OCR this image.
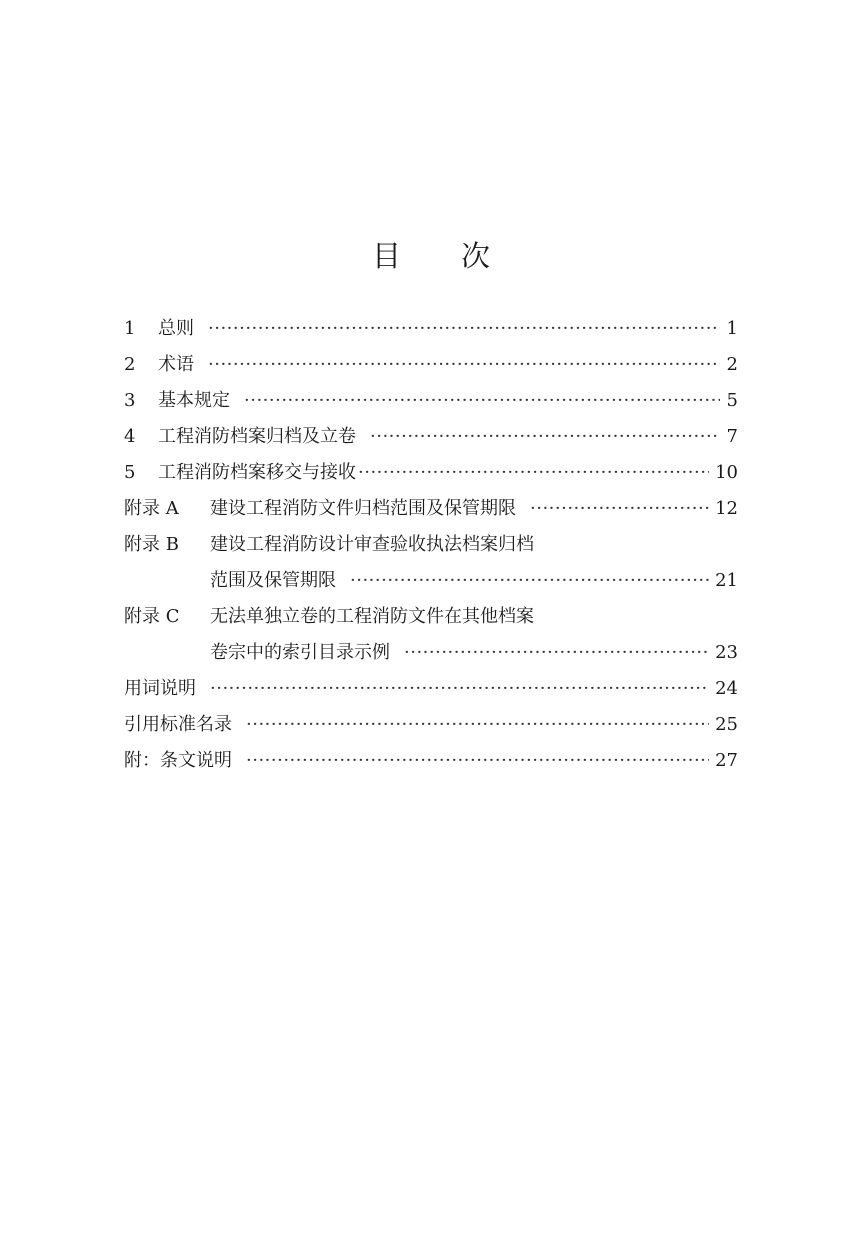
目 次
1	总则 ·····	1
2	术语 ·····	2
3	基本规定 ·····	5
4	工程消防档案归档及立卷 ·····	7
5	工程消防档案移交与接收 ·····	10
附录 A	建设工程消防文件归档范围及保管期限 ·····	12
附录 B	建设工程消防设计审查验收执法档案归档
范围及保管期限 ·····	21
附录 C	无法单独立卷的工程消防文件在其他档案
卷宗中的索引目录示例 ·····	23
用词说明 ·····	24
引用标准名录 ·····	25
附：条文说明 ·····	27
